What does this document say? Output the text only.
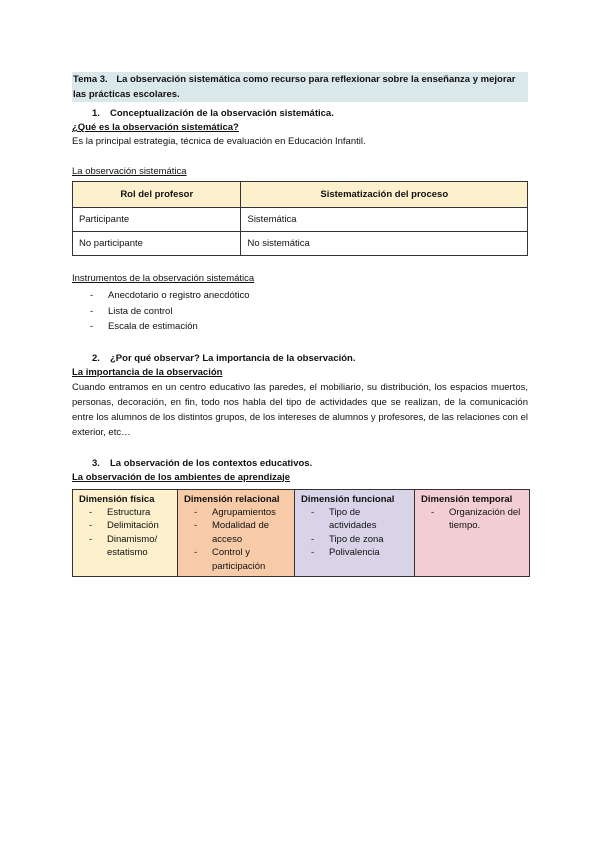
Tema 3. La observación sistemática como recurso para reflexionar sobre la enseñanza y mejorar las prácticas escolares.
1. Conceptualización de la observación sistemática.
¿Qué es la observación sistemática?

Es la principal estrategia, técnica de evaluación en Educación Infantil.

La observación sistemática
Rol del profesor	Sistematización del proceso
Participante	Sistemática
No participante	No sistemática
Instrumentos de la observación sistemática
- Anecdotario o registro anecdótico
- Lista de control
- Escala de estimación
2. ¿Por qué observar? La importancia de la observación.
La importancia de la observación

Cuando entramos en un centro educativo las paredes, el mobiliario, su distribución, los espacios muertos, personas, decoración, en fin, todo nos habla del tipo de actividades que se realizan, de la comunicación entre los alumnos de los distintos grupos, de los intereses de alumnos y profesores, de las relaciones con el exterior, etc…

3. La observación de los contextos educativos.
La observación de los ambientes de aprendizaje
Dimensión física
- Estructura
- Delimitación
- Dinamismo/ estatismo
Dimensión relacional
- Agrupamientos
- Modalidad de acceso
- Control y participación
Dimensión funcional
- Tipo de actividades
- Tipo de zona
- Polivalencia
Dimensión temporal
- Organización del tiempo.
